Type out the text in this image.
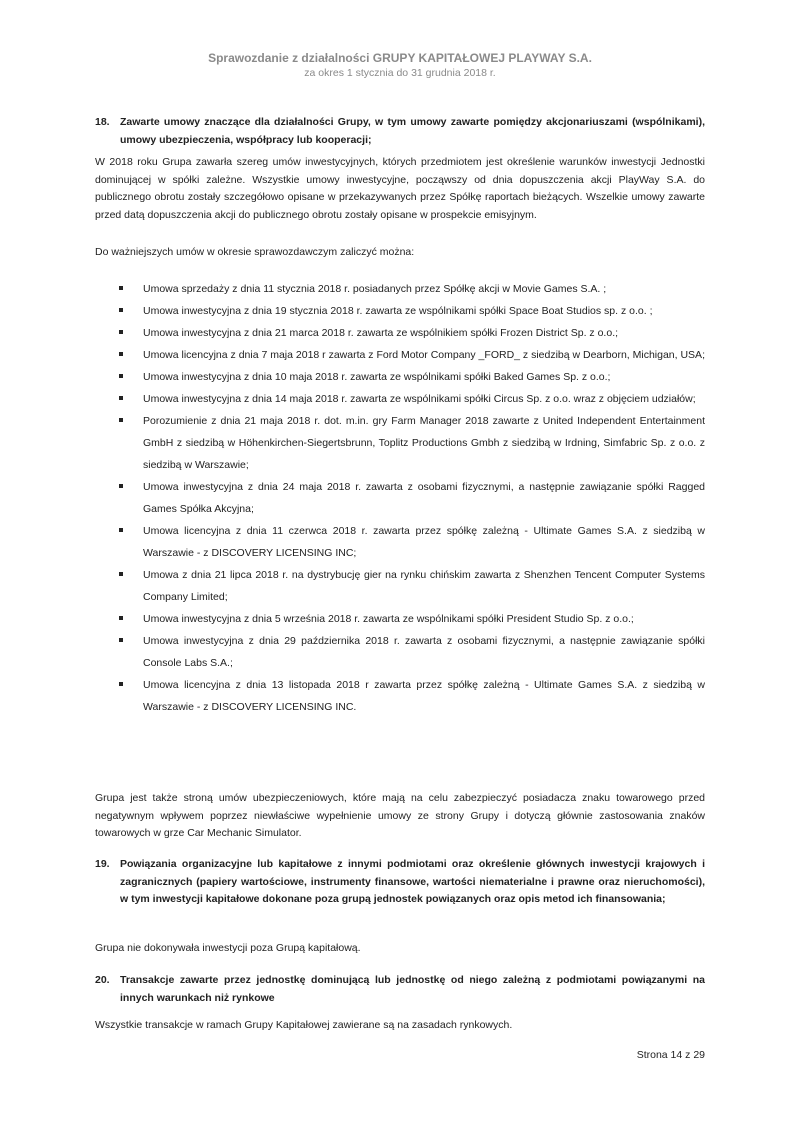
Sprawozdanie z działalności GRUPY KAPITAŁOWEJ PLAYWAY S.A.
za okres 1 stycznia do 31 grudnia 2018 r.
18. Zawarte umowy znaczące dla działalności Grupy, w tym umowy zawarte pomiędzy akcjonariuszami (wspólnikami), umowy ubezpieczenia, współpracy lub kooperacji;
W 2018 roku Grupa zawarła szereg umów inwestycyjnych, których przedmiotem jest określenie warunków inwestycji Jednostki dominującej w spółki zależne. Wszystkie umowy inwestycyjne, począwszy od dnia dopuszczenia akcji PlayWay S.A. do publicznego obrotu zostały szczegółowo opisane w przekazywanych przez Spółkę raportach bieżących. Wszelkie umowy zawarte przed datą dopuszczenia akcji do publicznego obrotu zostały opisane w prospekcie emisyjnym.
Do ważniejszych umów w okresie sprawozdawczym zaliczyć można:
Umowa sprzedaży z dnia 11 stycznia 2018 r. posiadanych przez Spółkę akcji w Movie Games S.A. ;
Umowa inwestycyjna z dnia 19 stycznia 2018 r. zawarta ze wspólnikami spółki Space Boat Studios sp. z o.o. ;
Umowa inwestycyjna z dnia 21 marca 2018 r. zawarta ze wspólnikiem spółki Frozen District Sp. z o.o.;
Umowa licencyjna z dnia 7 maja 2018 r zawarta z Ford Motor Company _FORD_ z siedzibą w Dearborn, Michigan, USA;
Umowa inwestycyjna z dnia 10 maja 2018 r. zawarta ze wspólnikami spółki Baked Games Sp. z o.o.;
Umowa inwestycyjna z dnia 14 maja 2018 r. zawarta ze wspólnikami spółki Circus Sp. z o.o. wraz z objęciem udziałów;
Porozumienie z dnia 21 maja 2018 r. dot. m.in. gry Farm Manager 2018 zawarte z United Independent Entertainment GmbH z siedzibą w Höhenkirchen-Siegertsbrunn, Toplitz Productions Gmbh z siedzibą w Irdning, Simfabric Sp. z o.o. z siedzibą w Warszawie;
Umowa inwestycyjna z dnia 24 maja 2018 r. zawarta z osobami fizycznymi, a następnie zawiązanie spółki Ragged Games Spółka Akcyjna;
Umowa licencyjna z dnia 11 czerwca 2018 r. zawarta przez spółkę zależną - Ultimate Games S.A. z siedzibą w Warszawie - z DISCOVERY LICENSING INC;
Umowa z dnia 21 lipca 2018 r. na dystrybucję gier na rynku chińskim zawarta z Shenzhen Tencent Computer Systems Company Limited;
Umowa inwestycyjna z dnia 5 września 2018 r. zawarta ze wspólnikami spółki President Studio Sp. z o.o.;
Umowa inwestycyjna z dnia 29 października 2018 r. zawarta z osobami fizycznymi, a następnie zawiązanie spółki Console Labs S.A.;
Umowa licencyjna z dnia 13 listopada 2018 r zawarta przez spółkę zależną - Ultimate Games S.A. z siedzibą w Warszawie - z DISCOVERY LICENSING INC.
Grupa jest także stroną umów ubezpieczeniowych, które mają na celu zabezpieczyć posiadacza znaku towarowego przed negatywnym wpływem poprzez niewłaściwe wypełnienie umowy ze strony Grupy i dotyczą głównie zastosowania znaków towarowych w grze Car Mechanic Simulator.
19. Powiązania organizacyjne lub kapitałowe z innymi podmiotami oraz określenie głównych inwestycji krajowych i zagranicznych (papiery wartościowe, instrumenty finansowe, wartości niematerialne i prawne oraz nieruchomości), w tym inwestycji kapitałowe dokonane poza grupą jednostek powiązanych oraz opis metod ich finansowania;
Grupa nie dokonywała inwestycji poza Grupą kapitałową.
20. Transakcje zawarte przez jednostkę dominującą lub jednostkę od niego zależną z podmiotami powiązanymi na innych warunkach niż rynkowe
Wszystkie transakcje w ramach Grupy Kapitałowej zawierane są na zasadach rynkowych.
Strona 14 z 29
